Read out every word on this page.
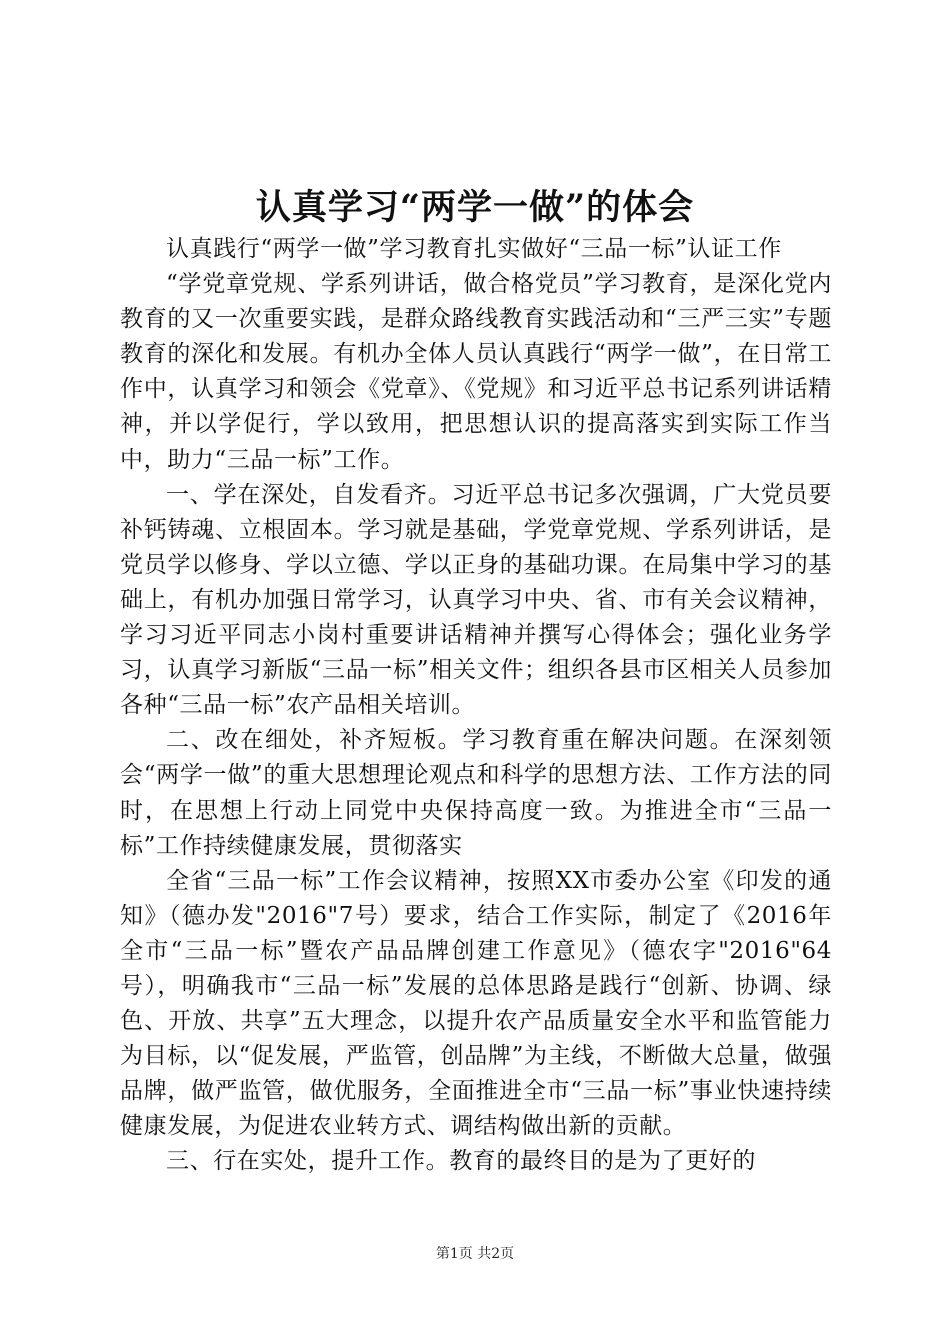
认真学习“两学一做”的体会

认真践行“两学一做”学习教育扎实做好“三品一标”认证工作

“学党章党规、学系列讲话，做合格党员”学习教育，是深化党内教育的又一次重要实践，是群众路线教育实践活动和“三严三实”专题教育的深化和发展。有机办全体人员认真践行“两学一做”，在日常工作中，认真学习和领会《党章》、《党规》和习近平总书记系列讲话精神，并以学促行，学以致用，把思想认识的提高落实到实际工作当中，助力“三品一标”工作。

一、学在深处，自发看齐。习近平总书记多次强调，广大党员要补钙铸魂、立根固本。学习就是基础，学党章党规、学系列讲话，是党员学以修身、学以立德、学以正身的基础功课。在局集中学习的基础上，有机办加强日常学习，认真学习中央、省、市有关会议精神，学习习近平同志小岗村重要讲话精神并撰写心得体会；强化业务学习，认真学习新版“三品一标”相关文件；组织各县市区相关人员参加各种“三品一标”农产品相关培训。

二、改在细处，补齐短板。学习教育重在解决问题。在深刻领会“两学一做”的重大思想理论观点和科学的思想方法、工作方法的同时，在思想上行动上同党中央保持高度一致。为推进全市“三品一标”工作持续健康发展，贯彻落实

全省“三品一标”工作会议精神，按照XX市委办公室《印发的通知》（德办发"2016"7号）要求，结合工作实际，制定了《2016年全市“三品一标”暨农产品品牌创建工作意见》（德农字"2016"64号），明确我市“三品一标”发展的总体思路是践行“创新、协调、绿色、开放、共享”五大理念，以提升农产品质量安全水平和监管能力为目标，以“促发展，严监管，创品牌”为主线，不断做大总量，做强品牌，做严监管，做优服务，全面推进全市“三品一标”事业快速持续健康发展，为促进农业转方式、调结构做出新的贡献。

三、行在实处，提升工作。教育的最终目的是为了更好的

第1页 共2页
